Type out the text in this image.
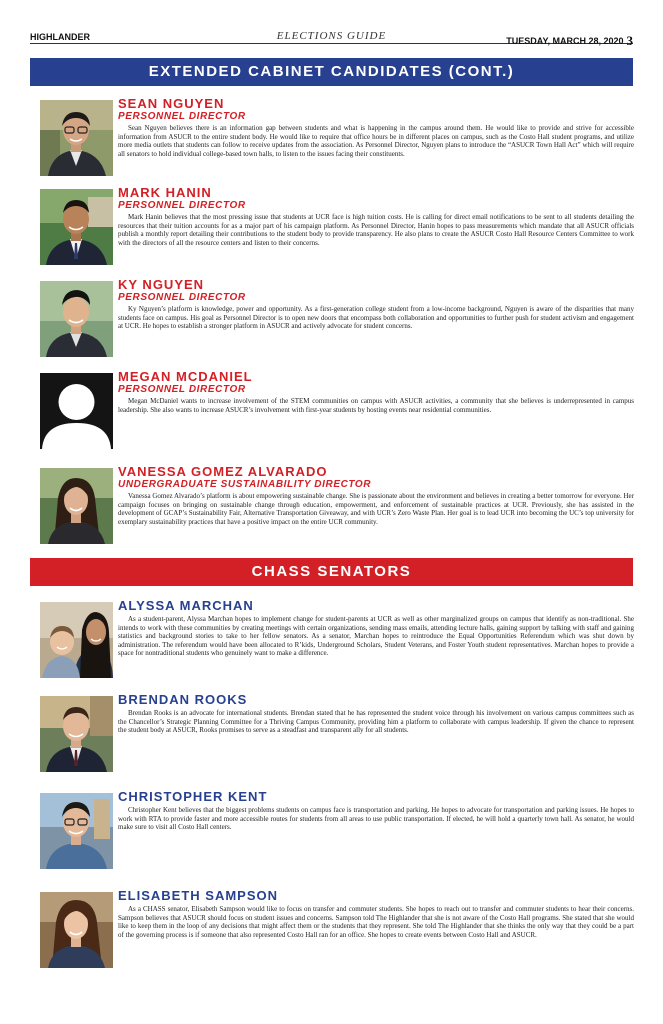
HIGHLANDER	ELECTIONS GUIDE	TUESDAY, MARCH 28, 2020 3
EXTENDED CABINET CANDIDATES (CONT.)
SEAN NGUYEN
PERSONNEL DIRECTOR

Sean Nguyen believes there is an information gap between students and what is happening in the campus around them. He would like to provide and strive for accessible information from ASUCR to the entire student body. He would like to require that office hours be in different places on campus, such as the Costo Hall student programs, and utilize more media outlets that students can follow to receive updates from the association. As Personnel Director, Nguyen plans to introduce the “ASUCR Town Hall Act” which will require all senators to hold individual college-based town halls, to listen to the issues facing their constituents.

MARK HANIN
PERSONNEL DIRECTOR

Mark Hanin believes that the most pressing issue that students at UCR face is high tuition costs. He is calling for direct email notifications to be sent to all students detailing the resources that their tuition accounts for as a major part of his campaign platform. As Personnel Director, Hanin hopes to pass measurements which mandate that all ASUCR officials publish a monthly report detailing their contributions to the student body to provide transparency. He also plans to create the ASUCR Costo Hall Resource Centers Committee to work with the directors of all the resource centers and listen to their concerns.

KY NGUYEN
PERSONNEL DIRECTOR

Ky Nguyen’s platform is knowledge, power and opportunity. As a first-generation college student from a low-income background, Nguyen is aware of the disparities that many students face on campus. His goal as Personnel Director is to open new doors that encompass both collaboration and opportunities to further push for student activism and engagement at UCR. He hopes to establish a stronger platform in ASUCR and actively advocate for student concerns.

MEGAN MCDANIEL
PERSONNEL DIRECTOR

Megan McDaniel wants to increase involvement of the STEM communities on campus with ASUCR activities, a community that she believes is underrepresented in campus leadership. She also wants to increase ASUCR’s involvement with first-year students by hosting events near residential communities.

VANESSA GOMEZ ALVARADO
UNDERGRADUATE SUSTAINABILITY DIRECTOR

Vanessa Gomez Alvarado’s platform is about empowering sustainable change. She is passionate about the environment and believes in creating a better tomorrow for everyone. Her campaign focuses on bringing on sustainable change through education, empowerment, and enforcement of sustainable practices at UCR. Previously, she has assisted in the development of GCAP’s Sustainability Fair, Alternative Transportation Giveaway, and with UCR’s Zero Waste Plan. Her goal is to lead UCR into becoming the UC’s top university for exemplary sustainability practices that have a positive impact on the entire UCR community.

CHASS SENATORS
ALYSSA MARCHAN

As a student-parent, Alyssa Marchan hopes to implement change for student-parents at UCR as well as other marginalized groups on campus that identify as non-traditional. She intends to work with these communities by creating meetings with certain organizations, sending mass emails, attending lecture halls, gaining support by talking with staff and gaining statistics and background stories to take to her fellow senators. As a senator, Marchan hopes to reintroduce the Equal Opportunities Referendum which was shut down by administration. The referendum would have been allocated to R’kids, Underground Scholars, Student Veterans, and Foster Youth student representatives. Marchan hopes to provide a space for nontraditional students who genuinely want to make a difference.

BRENDAN ROOKS

Brendan Rooks is an advocate for international students. Brendan stated that he has represented the student voice through his involvement on various campus committees such as the Chancellor’s Strategic Planning Committee for a Thriving Campus Community, providing him a platform to collaborate with campus leadership. If given the chance to represent the student body at ASUCR, Rooks promises to serve as a steadfast and transparent ally for all students.

CHRISTOPHER KENT

Christopher Kent believes that the biggest problems students on campus face is transportation and parking. He hopes to advocate for transportation and parking issues. He hopes to work with RTA to provide faster and more accessible routes for students from all areas to use public transportation. If elected, he will hold a quarterly town hall. As senator, he would make sure to visit all Costo Hall centers.

ELISABETH SAMPSON

As a CHASS senator, Elisabeth Sampson would like to focus on transfer and commuter students. She hopes to reach out to transfer and commuter students to hear their concerns. Sampson believes that ASUCR should focus on student issues and concerns. Sampson told The Highlander that she is not aware of the Costo Hall programs. She stated that she would like to keep them in the loop of any decisions that might affect them or the students that they represent. She told The Highlander that she thinks the only way that they could be a part of the governing process is if someone that also represented Costo Hall ran for an office. She hopes to create events between Costo Hall and ASUCR.
